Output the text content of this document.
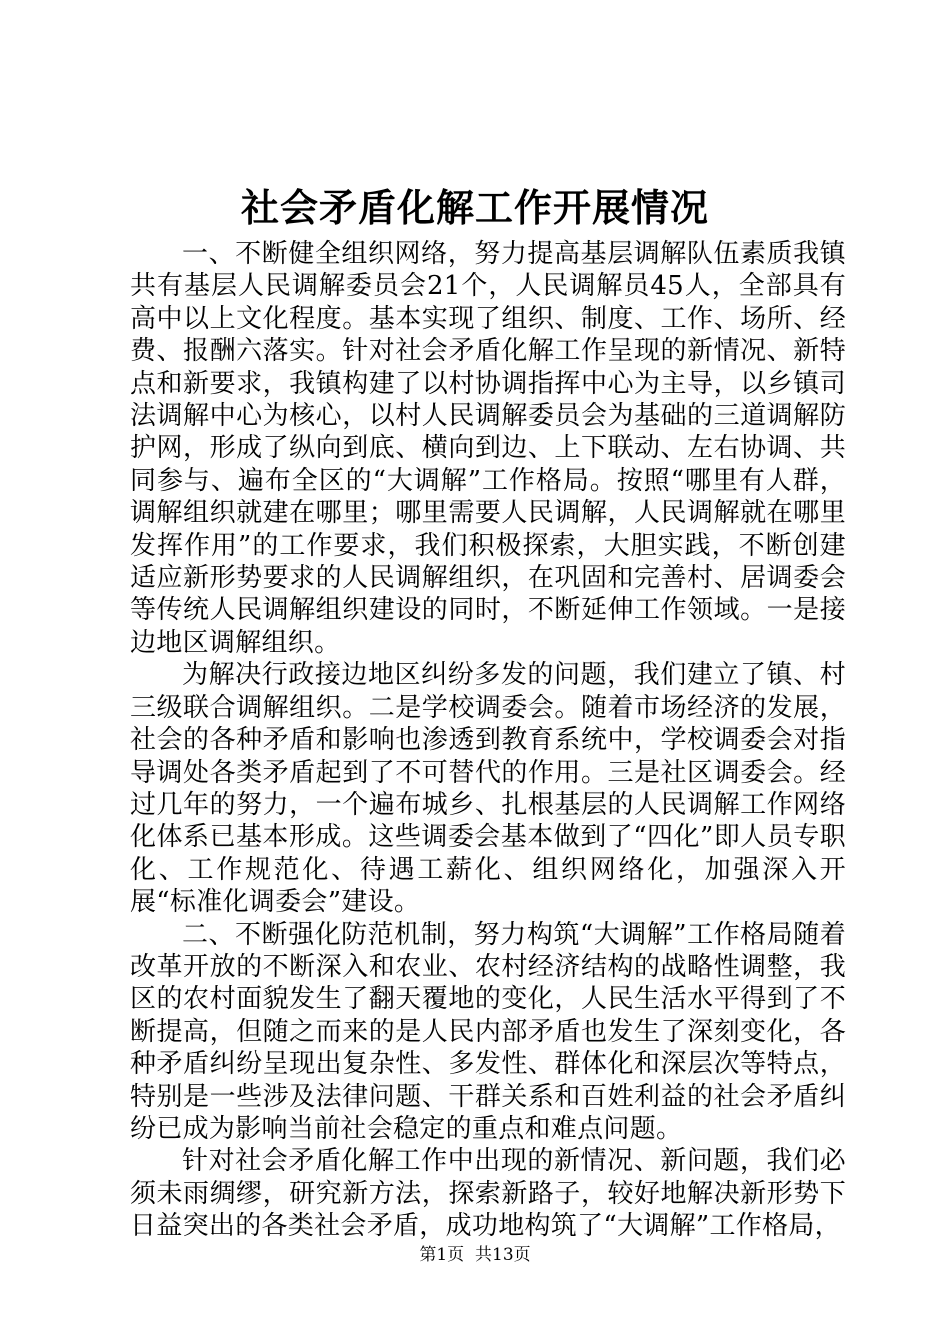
社会矛盾化解工作开展情况

一、不断健全组织网络，努力提高基层调解队伍素质我镇共有基层人民调解委员会21个，人民调解员45人，全部具有高中以上文化程度。基本实现了组织、制度、工作、场所、经费、报酬六落实。针对社会矛盾化解工作呈现的新情况、新特点和新要求，我镇构建了以村协调指挥中心为主导，以乡镇司法调解中心为核心，以村人民调解委员会为基础的三道调解防护网，形成了纵向到底、横向到边、上下联动、左右协调、共同参与、遍布全区的“大调解”工作格局。按照“哪里有人群，调解组织就建在哪里；哪里需要人民调解，人民调解就在哪里发挥作用”的工作要求，我们积极探索，大胆实践，不断创建适应新形势要求的人民调解组织，在巩固和完善村、居调委会等传统人民调解组织建设的同时，不断延伸工作领域。一是接边地区调解组织。

为解决行政接边地区纠纷多发的问题，我们建立了镇、村三级联合调解组织。二是学校调委会。随着市场经济的发展，社会的各种矛盾和影响也渗透到教育系统中，学校调委会对指导调处各类矛盾起到了不可替代的作用。三是社区调委会。经过几年的努力，一个遍布城乡、扎根基层的人民调解工作网络化体系已基本形成。这些调委会基本做到了“四化”即人员专职化、工作规范化、待遇工薪化、组织网络化，加强深入开展“标准化调委会”建设。

二、不断强化防范机制，努力构筑“大调解”工作格局随着改革开放的不断深入和农业、农村经济结构的战略性调整，我区的农村面貌发生了翻天覆地的变化，人民生活水平得到了不断提高，但随之而来的是人民内部矛盾也发生了深刻变化，各种矛盾纠纷呈现出复杂性、多发性、群体化和深层次等特点，特别是一些涉及法律问题、干群关系和百姓利益的社会矛盾纠纷已成为影响当前社会稳定的重点和难点问题。

针对社会矛盾化解工作中出现的新情况、新问题，我们必须未雨绸缪，研究新方法，探索新路子，较好地解决新形势下日益突出的各类社会矛盾，成功地构筑了“大调解”工作格局，

第1页 共13页
